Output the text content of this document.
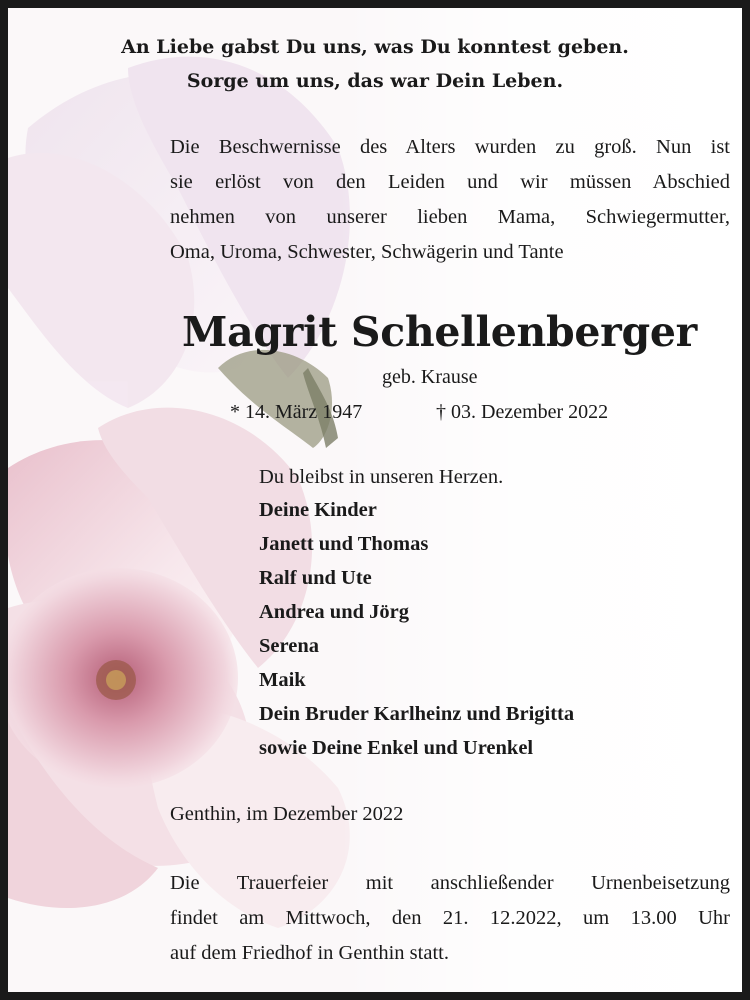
An Liebe gabst Du uns, was Du konntest geben.
Sorge um uns, das war Dein Leben.
Die Beschwernisse des Alters wurden zu groß. Nun ist
sie erlöst von den Leiden und wir müssen Abschied
nehmen von unserer lieben Mama, Schwiegermutter,
Oma, Uroma, Schwester, Schwägerin und Tante
Magrit Schellenberger
geb. Krause
* 14. März 1947	† 03. Dezember 2022
Du bleibst in unseren Herzen.
Deine Kinder
Janett und Thomas
Ralf und Ute
Andrea und Jörg
Serena
Maik
Dein Bruder Karlheinz und Brigitta
sowie Deine Enkel und Urenkel
Genthin, im Dezember 2022
Die Trauerfeier mit anschließender Urnenbeisetzung
findet am Mittwoch, den 21. 12.2022, um 13.00 Uhr
auf dem Friedhof in Genthin statt.
